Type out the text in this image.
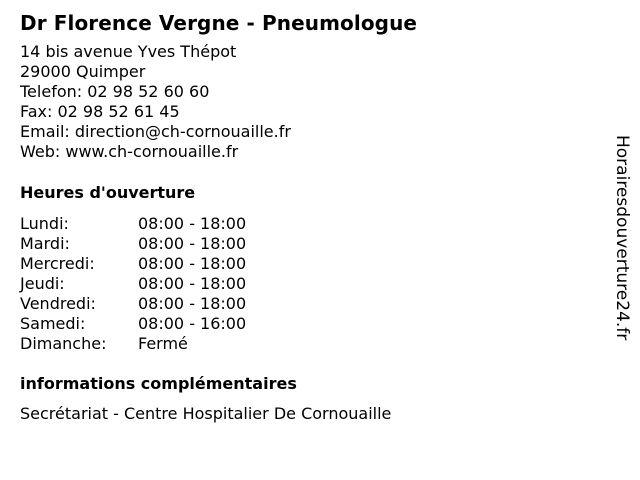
Dr Florence Vergne - Pneumologue
14 bis avenue Yves Thépot
29000 Quimper
Telefon: 02 98 52 60 60
Fax: 02 98 52 61 45
Email: direction@ch-cornouaille.fr
Web: www.ch-cornouaille.fr
Heures d'ouverture
Lundi:	08:00 - 18:00
Mardi:	08:00 - 18:00
Mercredi:	08:00 - 18:00
Jeudi:	08:00 - 18:00
Vendredi:	08:00 - 18:00
Samedi:	08:00 - 16:00
Dimanche:	Fermé
informations complémentaires
Secrétariat - Centre Hospitalier De Cornouaille
Horairesdouverture24.fr
